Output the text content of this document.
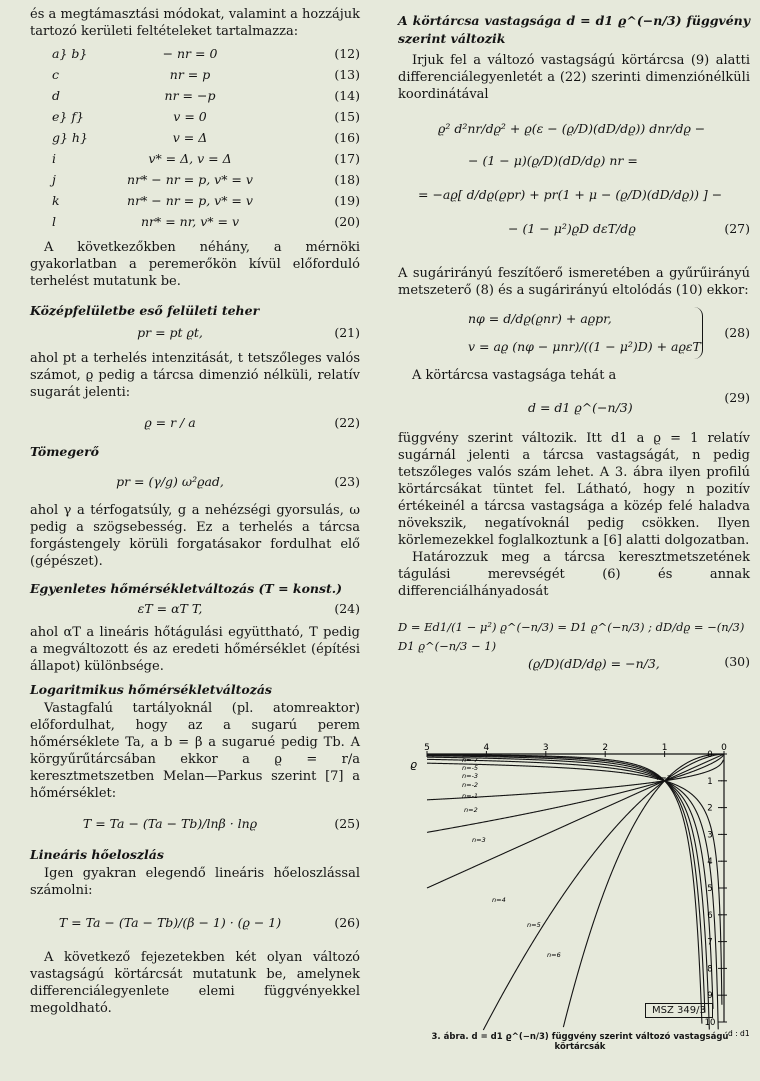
és a megtámasztási módokat, valamint a hozzájuk tartozó kerületi feltételeket tartalmazza:

a} b}	− nr = 0	(12)
c	nr = p	(13)
d	nr = −p	(14)
e} f}	v = 0	(15)
g} h}	v = Δ	(16)
i	v* = Δ, v = Δ	(17)
j	nr* − nr = p, v* = v	(18)
k	nr* − nr = p, v* = v	(19)
l	nr* = nr, v* = v	(20)

A következőkben néhány, a mérnöki gyakorlatban a peremerőkön kívül előforduló terhelést mutatunk be.

Középfelületbe eső felületi teher

pr = pt ϱt,	(21)

ahol pt a terhelés intenzitását, t tetszőleges valós számot, ϱ pedig a tárcsa dimenzió nélküli, relatív sugarát jelenti:

ϱ = r / a	(22)

Tömegerő

pr = (γ/g) ω²ϱad,	(23)

ahol γ a térfogatsúly, g a nehézségi gyorsulás, ω pedig a szögsebesség. Ez a terhelés a tárcsa forgástengely körüli forgatásakor fordulhat elő (gépészet).

Egyenletes hőmérsékletváltozás (T = konst.)

εT = αT T,	(24)

ahol αT a lineáris hőtágulási együttható, T pedig a megváltozott és az eredeti hőmérséklet (építési állapot) különbsége.

Logaritmikus hőmérsékletváltozás

Vastagfalú tartályoknál (pl. atomreaktor) előfordulhat, hogy az a sugarú perem hőmérséklete Ta, a b = β a sugarué pedig Tb. A körgyűrűtárcsában ekkor a ϱ = r/a keresztmetszetben Melan—Parkus szerint [7] a hőmérséklet:

T = Ta − (Ta − Tb)/lnβ · lnϱ	(25)

Lineáris hőeloszlás

Igen gyakran elegendő lineáris hőeloszlással számolni:

T = Ta − (Ta − Tb)/(β − 1) · (ϱ − 1)	(26)

A következő fejezetekben két olyan változó vastagságú körtárcsát mutatunk be, amelynek differenciálegyenlete elemi függvényekkel megoldható.

A körtárcsa vastagsága d = d1 ϱ^(−n/3) függvény szerint változik

Irjuk fel a változó vastagságú körtárcsa (9) alatti differenciálegyenletét a (22) szerinti dimenziónélküli koordinátával

ϱ² d²nr/dϱ² + ϱ(ε − (ϱ/D)(dD/dϱ)) dnr/dϱ −
− (1 − μ)(ϱ/D)(dD/dϱ) nr =
= −aϱ[ d/dϱ(ϱpr) + pr(1 + μ − (ϱ/D)(dD/dϱ)) ] −
− (1 − μ²)ϱD dεT/dϱ	(27)

A sugárirányú feszítőerő ismeretében a gyűrűirányú metszeterő (8) és a sugárirányú eltolódás (10) ekkor:

nφ = d/dϱ(ϱnr) + aϱpr,
v = aϱ (nφ − μnr)/((1 − μ²)D) + aϱεT
(28)

A körtárcsa vastagsága tehát a

d = d1 ϱ^(−n/3)
(29)

függvény szerint változik. Itt d1 a ϱ = 1 relatív sugárnál jelenti a tárcsa vastagságát, n pedig tetszőleges valós szám lehet. A 3. ábra ilyen profilú körtárcsákat tüntet fel. Látható, hogy n pozitív értékeinél a tárcsa vastagsága a közép felé haladva növekszik, negatívoknál pedig csökken. Ilyen körlemezekkel foglalkoztunk a [6] alatti dolgozatban.

Határozzuk meg a tárcsa keresztmetszetének tágulási merevségét (6) és annak differenciálhányadosát

D = Ed1/(1 − μ²) ϱ^(−n/3) = D1 ϱ^(−n/3) ; dD/dϱ = −(n/3) D1 ϱ^(−n/3 − 1)
(ϱ/D)(dD/dϱ) = −n/3,	(30)
5	4	3	2	1	0
0
1
2
3
4
5
6
7
8
9
10
ϱ
d : d1
n=-7
n=-5
n=-3
n=-2
n=-1
n=2
n=3
n=4
n=5
n=6
n=7
MSZ 349/3
3. ábra. d = d1 ϱ^(−n/3) függvény szerint változó vastagságú körtárcsák
